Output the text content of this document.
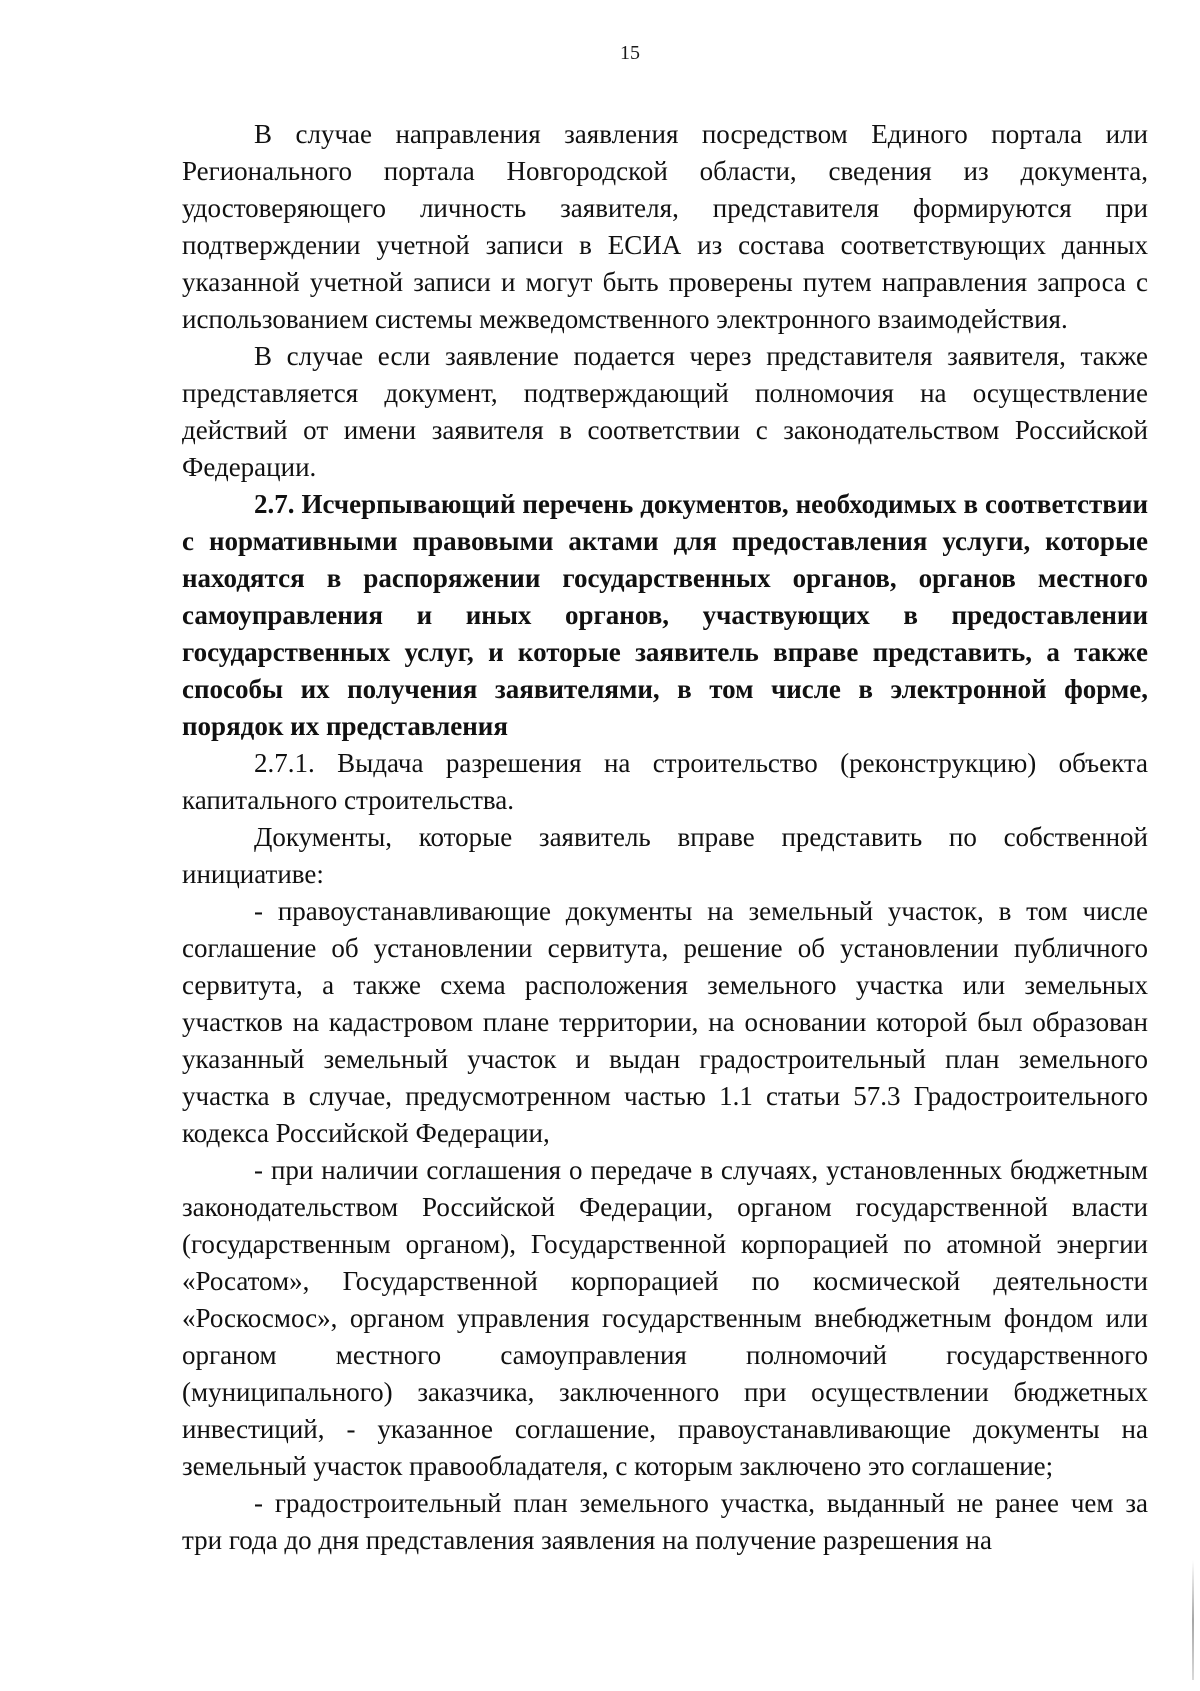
15

В случае направления заявления посредством Единого портала или Регионального портала Новгородской области, сведения из документа, удостоверяющего личность заявителя, представителя формируются при подтверждении учетной записи в ЕСИА из состава соответствующих данных указанной учетной записи и могут быть проверены путем направления запроса с использованием системы межведомственного электронного взаимодействия.

В случае если заявление подается через представителя заявителя, также представляется документ, подтверждающий полномочия на осуществление действий от имени заявителя в соответствии с законодательством Российской Федерации.

2.7. Исчерпывающий перечень документов, необходимых в соответствии с нормативными правовыми актами для предоставления услуги, которые находятся в распоряжении государственных органов, органов местного самоуправления и иных органов, участвующих в предоставлении государственных услуг, и которые заявитель вправе представить, а также способы их получения заявителями, в том числе в электронной форме, порядок их представления

2.7.1. Выдача разрешения на строительство (реконструкцию) объекта капитального строительства.

Документы, которые заявитель вправе представить по собственной инициативе:

- правоустанавливающие документы на земельный участок, в том числе соглашение об установлении сервитута, решение об установлении публичного сервитута, а также схема расположения земельного участка или земельных участков на кадастровом плане территории, на основании которой был образован указанный земельный участок и выдан градостроительный план земельного участка в случае, предусмотренном частью 1.1 статьи 57.3 Градостроительного кодекса Российской Федерации,

- при наличии соглашения о передаче в случаях, установленных бюджетным законодательством Российской Федерации, органом государственной власти (государственным органом), Государственной корпорацией по атомной энергии «Росатом», Государственной корпорацией по космической деятельности «Роскосмос», органом управления государственным внебюджетным фондом или органом местного самоуправления полномочий государственного (муниципального) заказчика, заключенного при осуществлении бюджетных инвестиций, - указанное соглашение, правоустанавливающие документы на земельный участок правообладателя, с которым заключено это соглашение;

- градостроительный план земельного участка, выданный не ранее чем за три года до дня представления заявления на получение разрешения на
